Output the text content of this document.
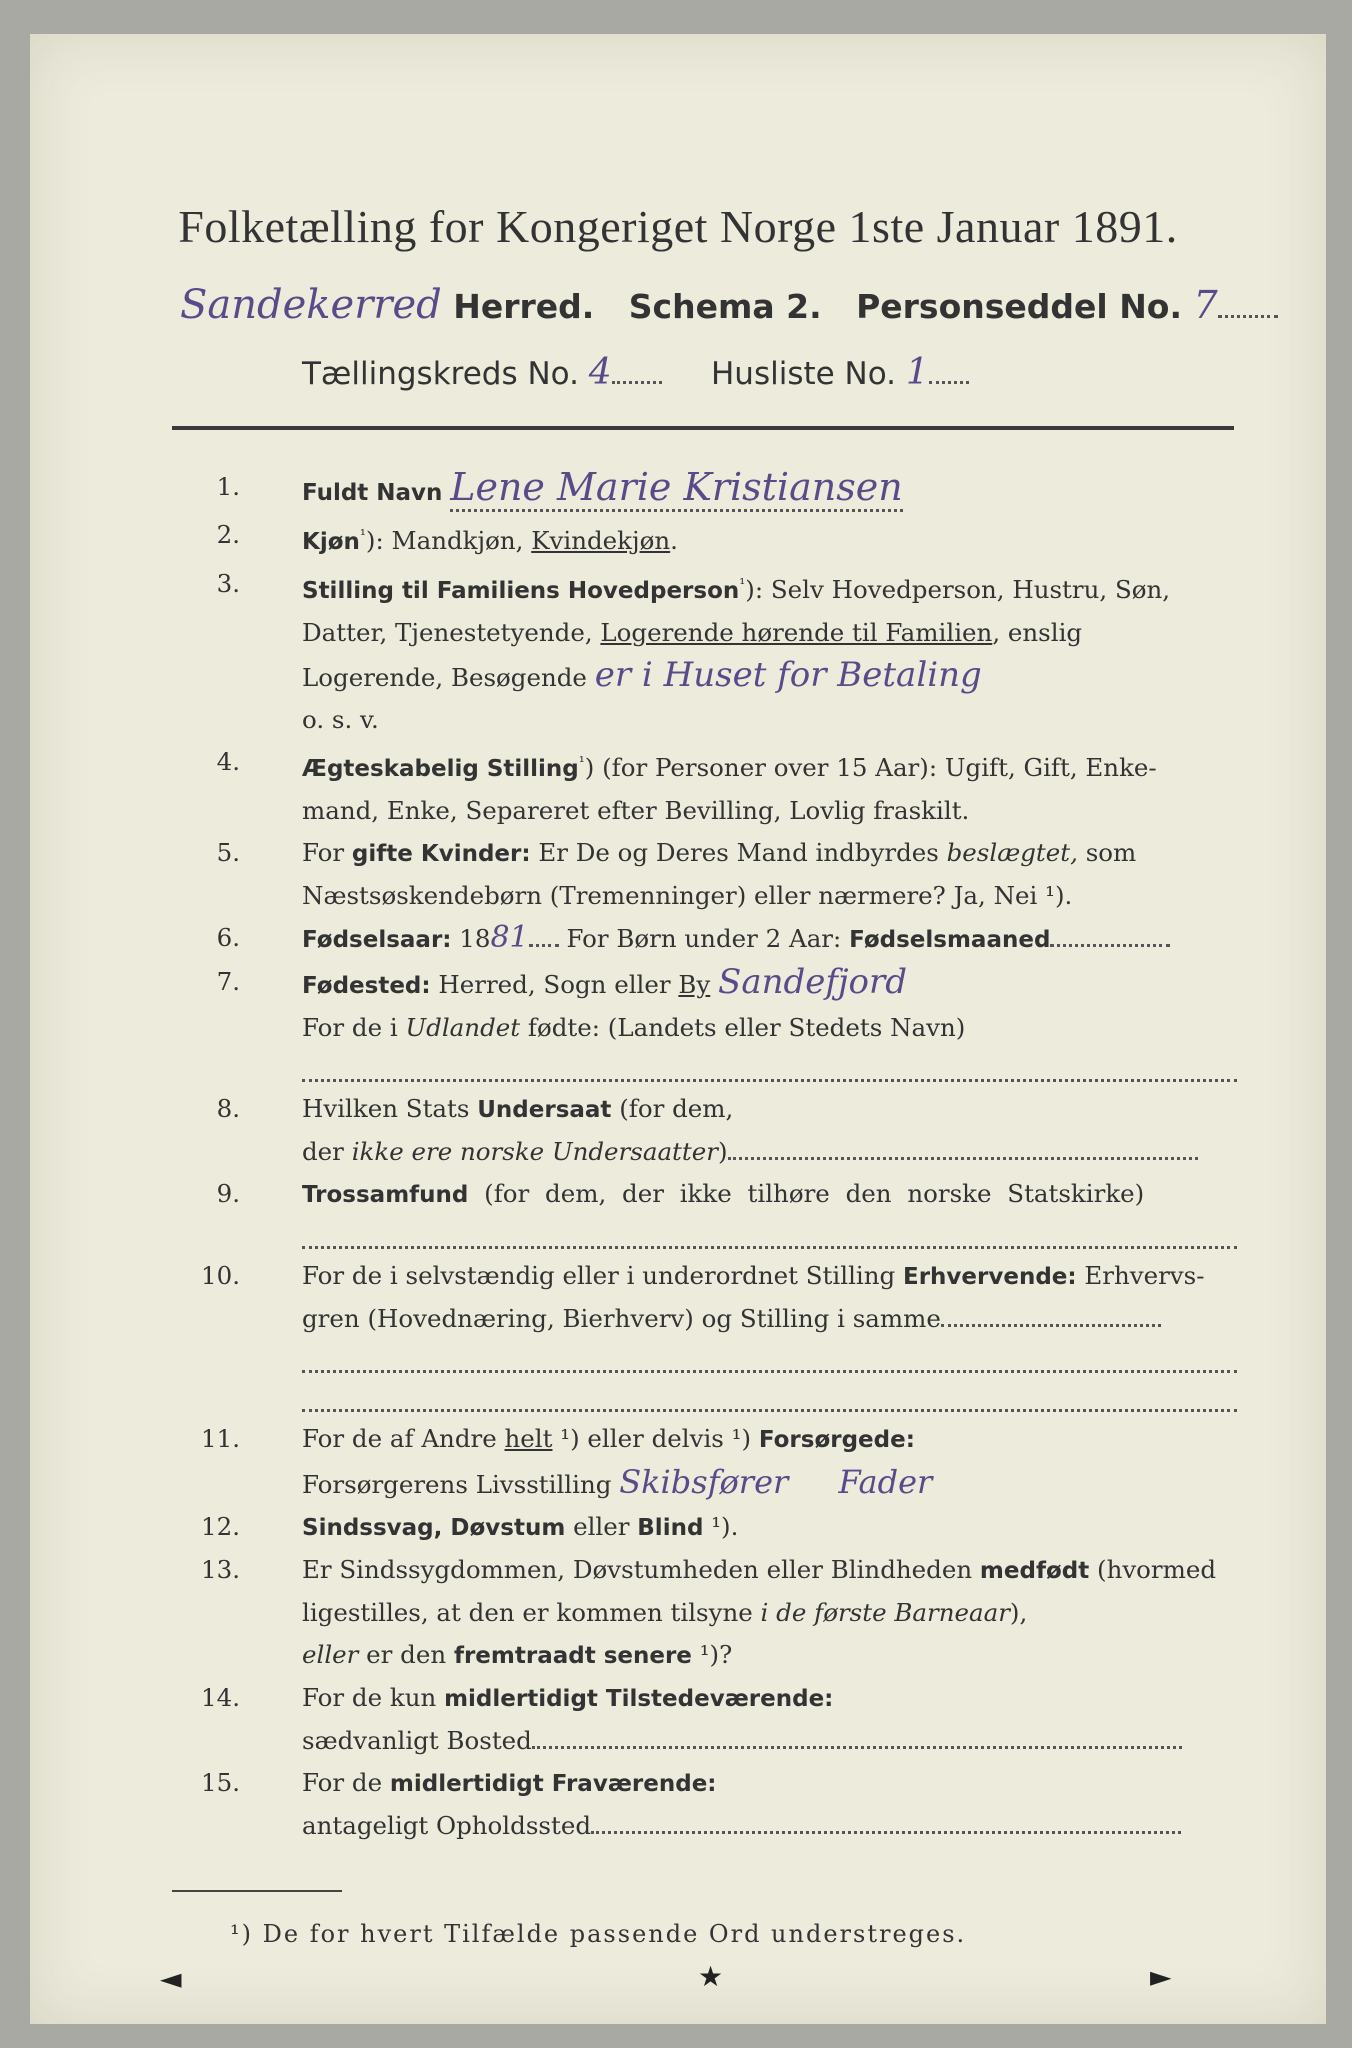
Folketælling for Kongeriget Norge 1ste Januar 1891.
Sandekerred Herred. Schema 2. Personseddel No. 7
Tællingskreds No. 4	Husliste No. 1
1.	Fuldt Navn Lene Marie Kristiansen
2.	Kjøn$^{^1}$): Mandkjøn, Kvindekjøn.
3.	Stilling til Familiens Hovedperson$^{^1}$): Selv Hovedperson, Hustru, Søn,
Datter, Tjenestetyende, Logerende hørende til Familien, enslig
Logerende, Besøgende er i Huset for Betaling
o. s. v.
4.	Ægteskabelig Stilling$^{^1}$) (for Personer over 15 Aar): Ugift, Gift, Enke-
mand, Enke, Separeret efter Bevilling, Lovlig fraskilt.
5.	For gifte Kvinder: Er De og Deres Mand indbyrdes beslægtet, som
Næstsøskendebørn (Tremenninger) eller nærmere? Ja, Nei ¹).
6.	Fødselsaar: 1881 For Børn under 2 Aar: Fødselsmaaned
7.	Fødested: Herred, Sogn eller By Sandefjord
For de i Udlandet fødte: (Landets eller Stedets Navn)
8.	Hvilken Stats Undersaat (for dem,
der ikke ere norske Undersaatter)
9.	Trossamfund (for dem, der ikke tilhøre den norske Statskirke)
10.	For de i selvstændig eller i underordnet Stilling Erhvervende: Erhvervs-
gren (Hovednæring, Bierhverv) og Stilling i samme
11.	For de af Andre helt ¹) eller delvis ¹) Forsørgede:
Forsørgerens Livsstilling Skibsfører Fader
12.	Sindssvag, Døvstum eller Blind ¹).
13.	Er Sindssygdommen, Døvstumheden eller Blindheden medfødt (hvormed
ligestilles, at den er kommen tilsyne i de første Barneaar),
eller er den fremtraadt senere ¹)?
14.	For de kun midlertidigt Tilstedeværende:
sædvanligt Bosted
15.	For de midlertidigt Fraværende:
antageligt Opholdssted
¹) De for hvert Tilfælde passende Ord understreges.
◄	★	►
